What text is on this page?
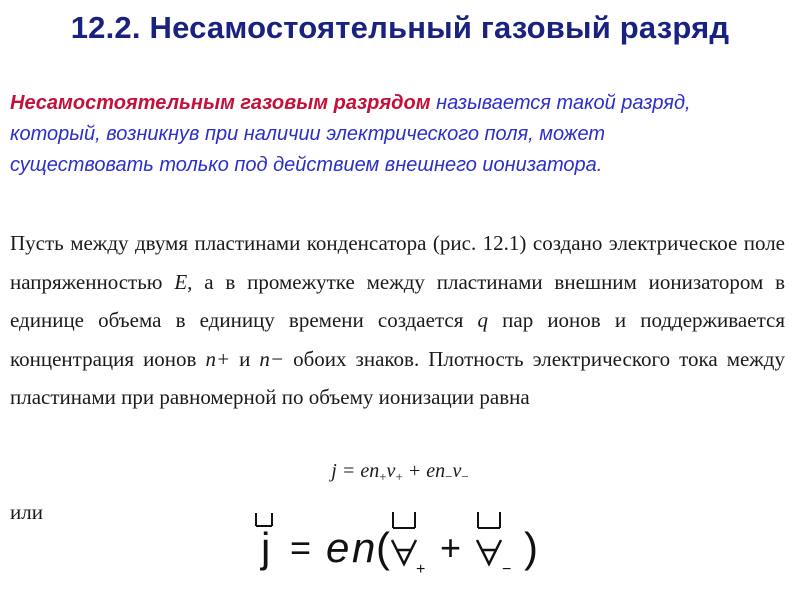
12.2. Несамостоятельный газовый разряд
Несамостоятельным газовым разрядом называется такой разряд, который, возникнув при наличии электрического поля, может существовать только под действием внешнего ионизатора.
Пусть между двумя пластинами конденсатора (рис. 12.1) создано электрическое поле напряженностью E, а в промежутке между пластинами внешним ионизатором в единице объема в единицу времени создается q пар ионов и поддерживается концентрация ионов n+ и n− обоих знаков. Плотность электрического тока между пластинами при равномерной по объему ионизации равна
$j = en_+v_+ + en_-v_-$
или
j = e n ( +
+
− )
